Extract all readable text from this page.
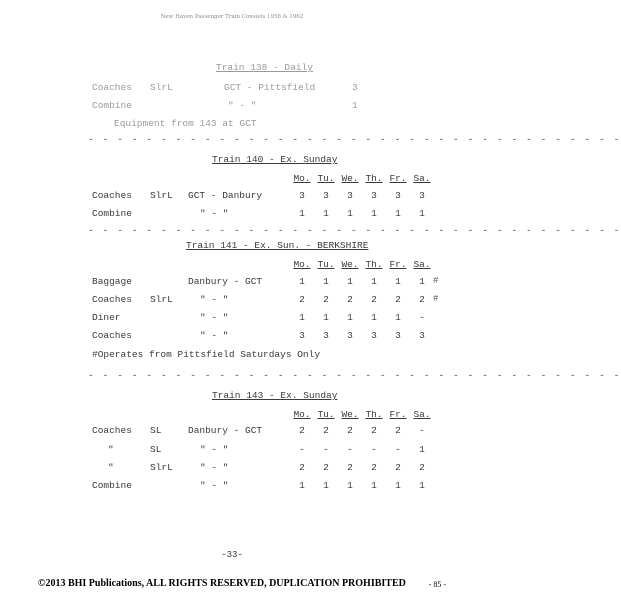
New Haven Passenger Train Consists 1958 & 1962
Train 138 - Daily
Coaches SlrL	GCT - Pittsfield	3
Combine	" - "	1
Equipment from 143 at GCT
- - - - - - - - - - - - - - - - - - - - - - - - - - - - - - - - - - - - -
Train 140 - Ex. Sunday
Mo. Tu. We. Th. Fr. Sa.
Coaches SlrL GCT - Danbury	3 3 3 3 3 3
Combine	" - "	1 1 1 1 1 1
- - - - - - - - - - - - - - - - - - - - - - - - - - - - - - - - - - - - -
Train 141 - Ex. Sun. - BERKSHIRE
Mo. Tu. We. Th. Fr. Sa.
Baggage	Danbury - GCT	1 1 1 1 1 1 #
Coaches SlrL	" - "	2 2 2 2 2 2 #
Diner	" - "	1 1 1 1 1 -
Coaches	" - "	3 3 3 3 3 3
#Operates from Pittsfield Saturdays Only
- - - - - - - - - - - - - - - - - - - - - - - - - - - - - - - - - - - - -
Train 143 - Ex. Sunday
Mo. Tu. We. Th. Fr. Sa.
Coaches SL	Danbury - GCT	2 2 2 2 2 -
"	SL	" - "	- - - - - 1
"	SlrL	" - "	2 2 2 2 2 2
Combine	" - "	1 1 1 1 1 1
-33-
©2013 BHI Publications, ALL RIGHTS RESERVED, DUPLICATION PROHIBITED	- 85 -
